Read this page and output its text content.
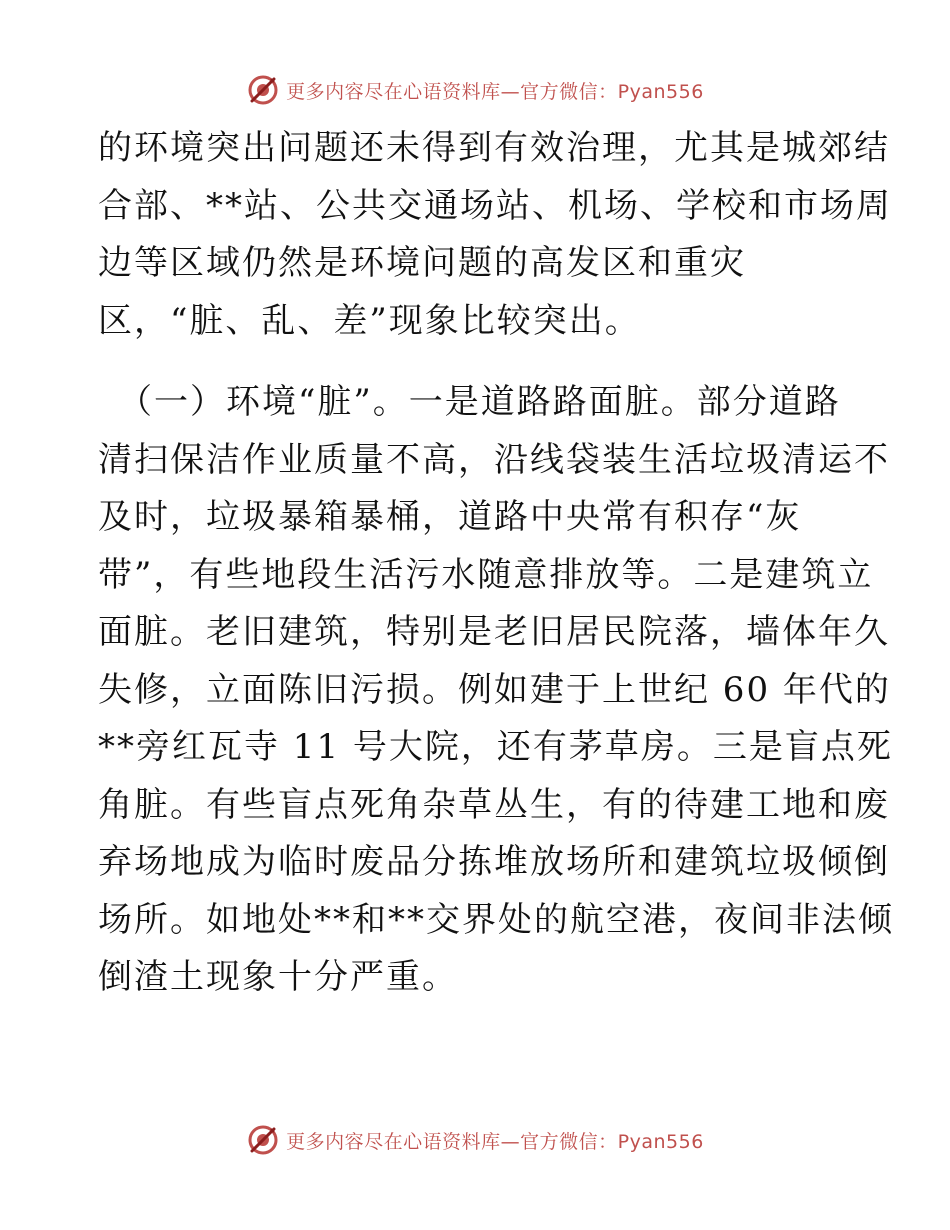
更多内容尽在心语资料库—官方微信：Pyan556
的环境突出问题还未得到有效治理，尤其是城郊结
合部、**站、公共交通场站、机场、学校和市场周
边等区域仍然是环境问题的高发区和重灾
区，“脏、乱、差”现象比较突出。
（一）环境“脏”。一是道路路面脏。部分道路
清扫保洁作业质量不高，沿线袋装生活垃圾清运不
及时，垃圾暴箱暴桶，道路中央常有积存“灰
带”，有些地段生活污水随意排放等。二是建筑立
面脏。老旧建筑，特别是老旧居民院落，墙体年久
失修，立面陈旧污损。例如建于上世纪 60 年代的
**旁红瓦寺 11 号大院，还有茅草房。三是盲点死
角脏。有些盲点死角杂草丛生，有的待建工地和废
弃场地成为临时废品分拣堆放场所和建筑垃圾倾倒
场所。如地处**和**交界处的航空港，夜间非法倾
倒渣土现象十分严重。
更多内容尽在心语资料库—官方微信：Pyan556
